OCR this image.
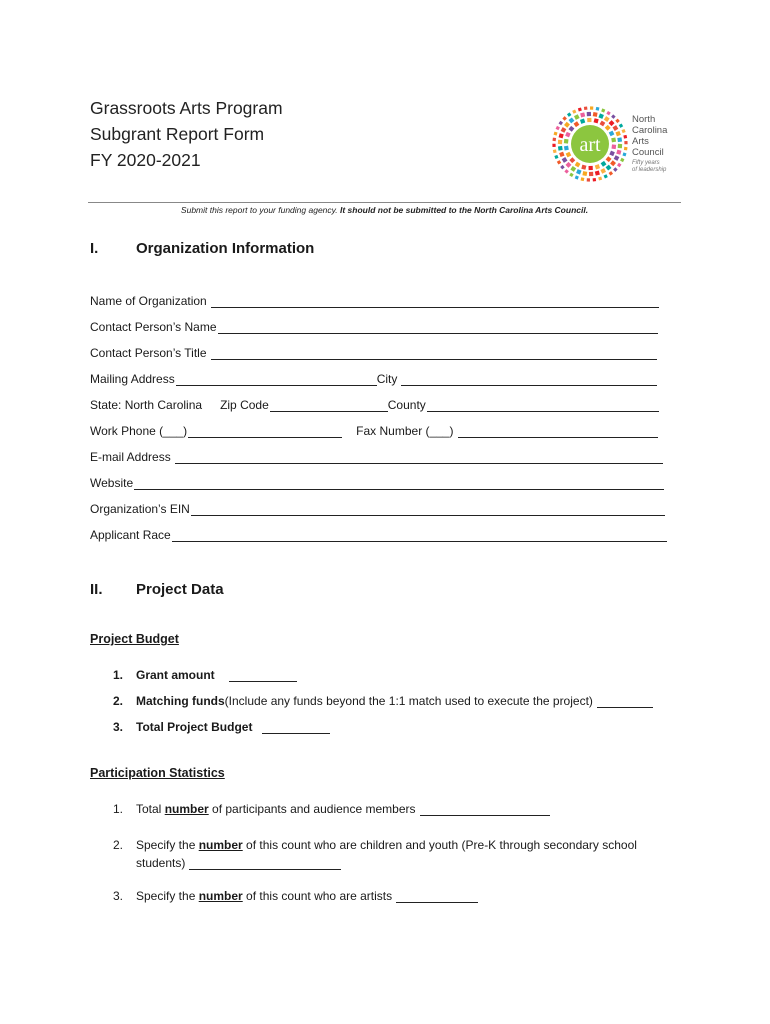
Grassroots Arts Program
Subgrant Report Form
FY 2020-2021
art
North
Carolina
Arts
Council
Fifty years
of leadership
Submit this report to your funding agency. It should not be submitted to the North Carolina Arts Council.
I.	Organization Information
Name of Organization
Contact Person’s Name
Contact Person’s Title
Mailing Address	City
State: North Carolina Zip Code	County
Work Phone (___)	Fax Number (___)
E-mail Address
Website
Organization’s EIN
Applicant Race
II. Project Data
Project Budget
1.	Grant amount
2.	Matching funds (Include any funds beyond the 1:1 match used to execute the project)
3.	Total Project Budget
Participation Statistics
1.	Total number of participants and audience members
2.	Specify the number of this count who are children and youth (Pre-K through secondary school
students)
3.	Specify the number of this count who are artists
